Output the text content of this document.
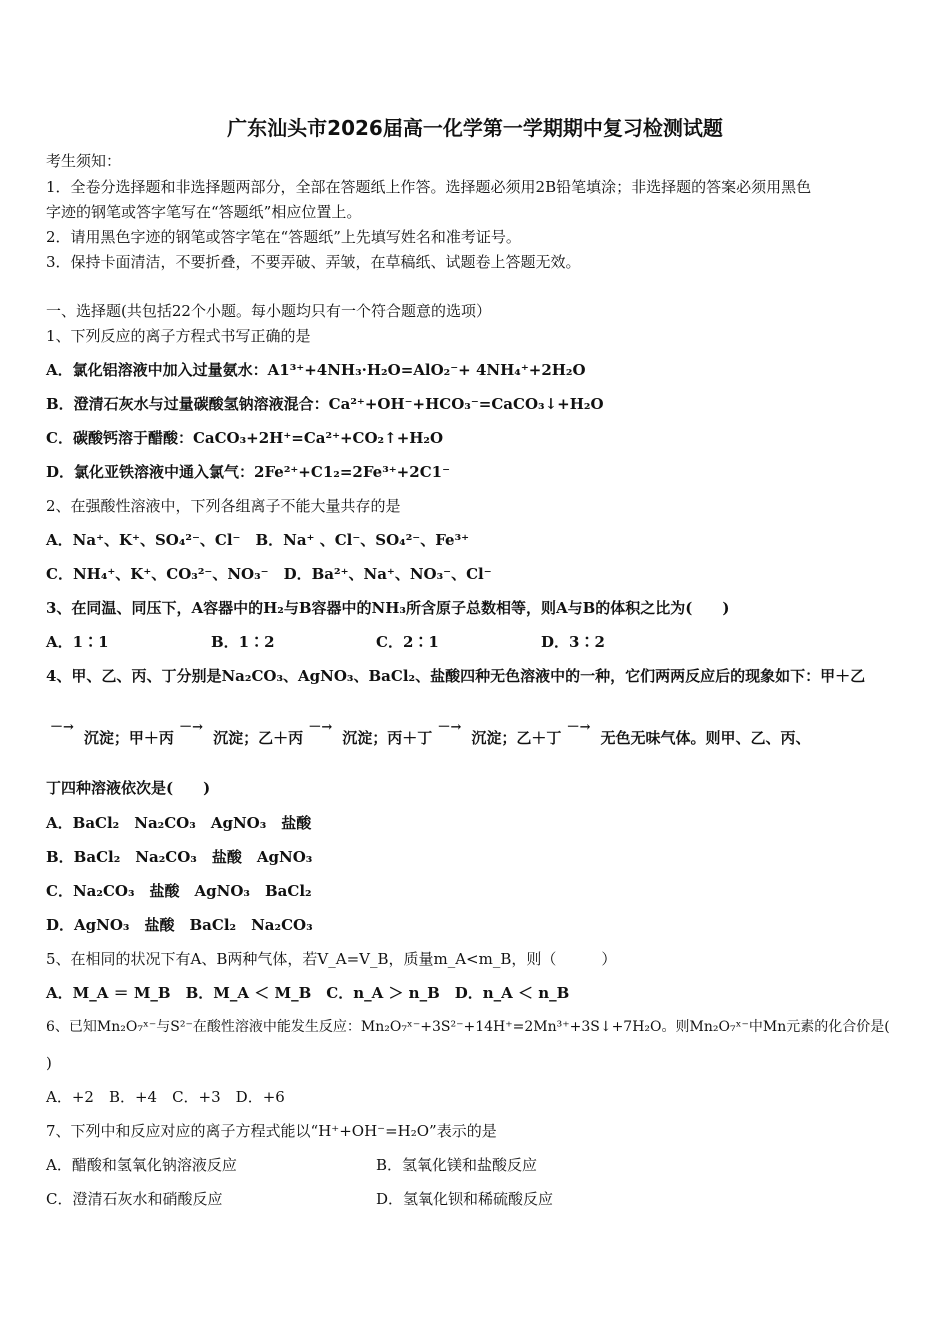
广东汕头市2026届高一化学第一学期期中复习检测试题
考生须知：
1．全卷分选择题和非选择题两部分，全部在答题纸上作答。选择题必须用2B铅笔填涂；非选择题的答案必须用黑色
字迹的钢笔或答字笔写在“答题纸”相应位置上。
2．请用黑色字迹的钢笔或答字笔在“答题纸”上先填写姓名和准考证号。
3．保持卡面清洁，不要折叠，不要弄破、弄皱，在草稿纸、试题卷上答题无效。
一、选择题(共包括22个小题。每小题均只有一个符合题意的选项）
1、下列反应的离子方程式书写正确的是
A．氯化铝溶液中加入过量氨水：A1³⁺+4NH₃·H₂O=AlO₂⁻+ 4NH₄⁺+2H₂O
B．澄清石灰水与过量碳酸氢钠溶液混合：Ca²⁺+OH⁻+HCO₃⁻=CaCO₃↓+H₂O
C．碳酸钙溶于醋酸：CaCO₃+2H⁺=Ca²⁺+CO₂↑+H₂O
D．氯化亚铁溶液中通入氯气：2Fe²⁺+C1₂=2Fe³⁺+2C1⁻
2、在强酸性溶液中，下列各组离子不能大量共存的是
A．Na⁺、K⁺、SO₄²⁻、Cl⁻　B．Na⁺ 、Cl⁻、SO₄²⁻、Fe³⁺
C．NH₄⁺、K⁺、CO₃²⁻、NO₃⁻　D．Ba²⁺、Na⁺、NO₃⁻、Cl⁻
3、在同温、同压下，A容器中的H₂与B容器中的NH₃所含原子总数相等，则A与B的体积之比为(　　)
A．1∶1	B．1∶2	C．2∶1	D．3∶2
4、甲、乙、丙、丁分别是Na₂CO₃、AgNO₃、BaCl₂、盐酸四种无色溶液中的一种，它们两两反应后的现象如下：甲＋乙
－→沉淀；甲＋丙 －→沉淀；乙＋丙 －→沉淀；丙＋丁 －→沉淀；乙＋丁 －→无色无味气体。则甲、乙、丙、
丁四种溶液依次是(　　)
A．BaCl₂　Na₂CO₃　AgNO₃　盐酸
B．BaCl₂　Na₂CO₃　盐酸　AgNO₃
C．Na₂CO₃　盐酸　AgNO₃　BaCl₂
D．AgNO₃　盐酸　BaCl₂　Na₂CO₃
5、在相同的状况下有A、B两种气体，若V_A=V_B，质量m_A<m_B，则（　　　）
A．M_A ＝ M_B　B．M_A ＜ M_B　C．n_A ＞ n_B　D．n_A ＜ n_B
6、已知Mn₂O₇ˣ⁻与S²⁻在酸性溶液中能发生反应：Mn₂O₇ˣ⁻+3S²⁻+14H⁺=2Mn³⁺+3S↓+7H₂O。则Mn₂O₇ˣ⁻中Mn元素的化合价是(
)
A．+2　B．+4　C．+3　D．+6
7、下列中和反应对应的离子方程式能以“H⁺+OH⁻=H₂O”表示的是
A．醋酸和氢氧化钠溶液反应	B．氢氧化镁和盐酸反应
C．澄清石灰水和硝酸反应	D．氢氧化钡和稀硫酸反应
